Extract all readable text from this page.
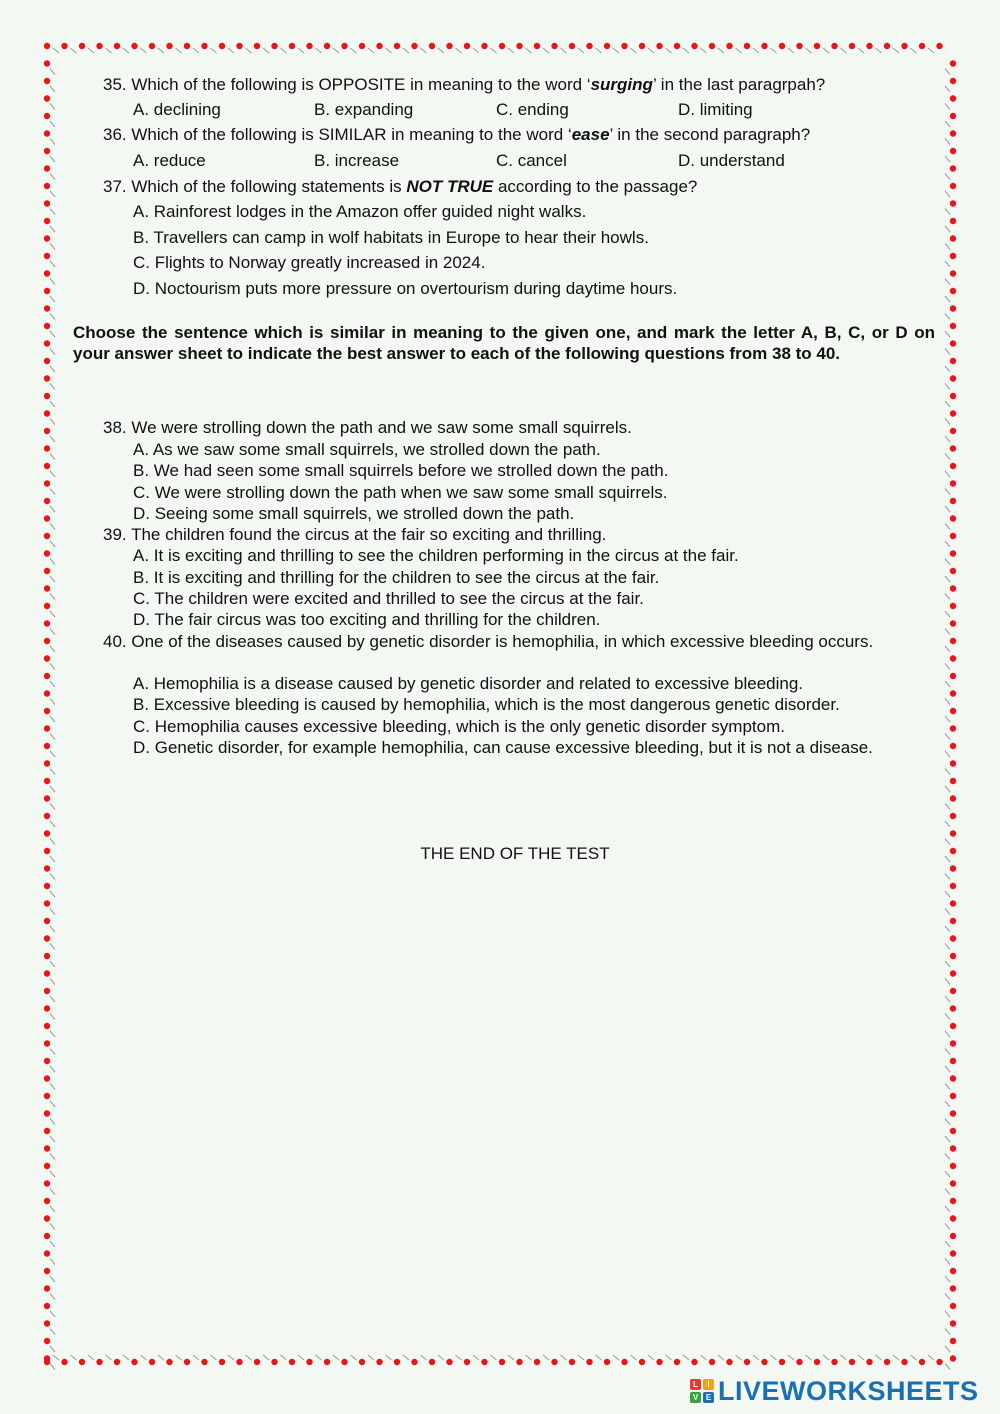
35. Which of the following is OPPOSITE in meaning to the word ‘surging’ in the last paragrpah?
A. declining	B. expanding	C. ending	D. limiting
36. Which of the following is SIMILAR in meaning to the word ‘ease’ in the second paragraph?
A. reduce	B. increase	C. cancel	D. understand
37. Which of the following statements is NOT TRUE according to the passage?
A. Rainforest lodges in the Amazon offer guided night walks.
B. Travellers can camp in wolf habitats in Europe to hear their howls.
C. Flights to Norway greatly increased in 2024.
D. Noctourism puts more pressure on overtourism during daytime hours.
Choose the sentence which is similar in meaning to the given one, and mark the letter A, B, C, or D on your answer sheet to indicate the best answer to each of the following questions from 38 to 40.
38. We were strolling down the path and we saw some small squirrels.
A. As we saw some small squirrels, we strolled down the path.
B. We had seen some small squirrels before we strolled down the path.
C. We were strolling down the path when we saw some small squirrels.
D. Seeing some small squirrels, we strolled down the path.
39. The children found the circus at the fair so exciting and thrilling.
A. It is exciting and thrilling to see the children performing in the circus at the fair.
B. It is exciting and thrilling for the children to see the circus at the fair.
C. The children were excited and thrilled to see the circus at the fair.
D. The fair circus was too exciting and thrilling for the children.
40. One of the diseases caused by genetic disorder is hemophilia, in which excessive bleeding occurs.
A. Hemophilia is a disease caused by genetic disorder and related to excessive bleeding.
B. Excessive bleeding is caused by hemophilia, which is the most dangerous genetic disorder.
C. Hemophilia causes excessive bleeding, which is the only genetic disorder symptom.
D. Genetic disorder, for example hemophilia, can cause excessive bleeding, but it is not a disease.
THE END OF THE TEST
L	I
V E LIVEWORKSHEETS
